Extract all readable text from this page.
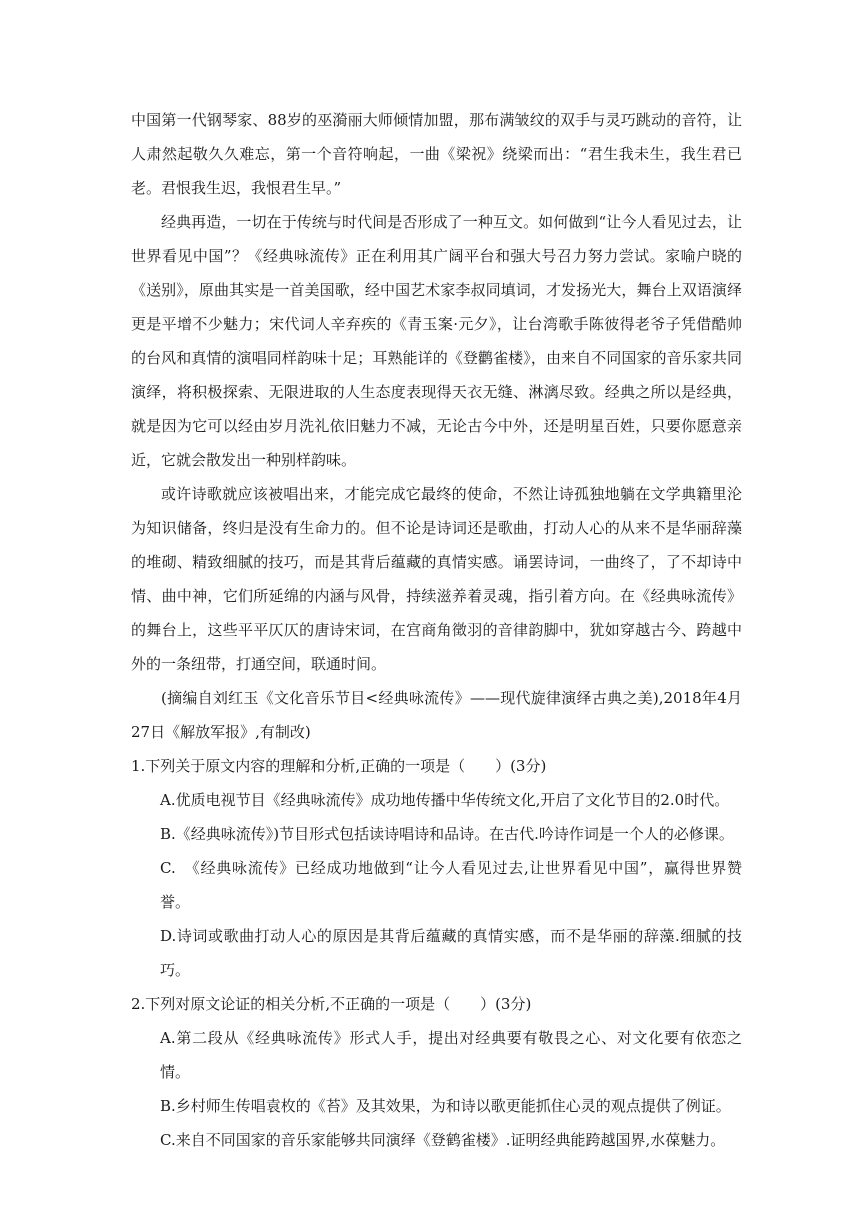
中国第一代钢琴家、88岁的巫漪丽大师倾情加盟，那布满皱纹的双手与灵巧跳动的音符，让人肃然起敬久久难忘，第一个音符响起，一曲《梁祝》绕梁而出：“君生我未生，我生君已老。君恨我生迟，我恨君生早。”

经典再造，一切在于传统与时代间是否形成了一种互文。如何做到“让今人看见过去，让世界看见中国”？《经典咏流传》正在利用其广阔平台和强大号召力努力尝试。家喻户晓的《送别》，原曲其实是一首美国歌，经中国艺术家李叔同填词，才发扬光大，舞台上双语演绎更是平增不少魅力；宋代词人辛弃疾的《青玉案·元夕》，让台湾歌手陈彼得老爷子凭借酷帅的台风和真情的演唱同样韵味十足；耳熟能详的《登鹳雀楼》，由来自不同国家的音乐家共同演绎，将积极探索、无限进取的人生态度表现得天衣无缝、淋漓尽致。经典之所以是经典，就是因为它可以经由岁月洗礼依旧魅力不减，无论古今中外，还是明星百姓，只要你愿意亲近，它就会散发出一种别样韵味。

或许诗歌就应该被唱出来，才能完成它最终的使命，不然让诗孤独地躺在文学典籍里沦为知识储备，终归是没有生命力的。但不论是诗词还是歌曲，打动人心的从来不是华丽辞藻的堆砌、精致细腻的技巧，而是其背后蕴藏的真情实感。诵罢诗词，一曲终了，了不却诗中情、曲中神，它们所延绵的内涵与风骨，持续滋养着灵魂，指引着方向。在《经典咏流传》的舞台上，这些平平仄仄的唐诗宋词，在宫商角徵羽的音律韵脚中，犹如穿越古今、跨越中外的一条纽带，打通空间，联通时间。

(摘编自刘红玉《文化音乐节目<经典咏流传》——现代旋律演绎古典之美),2018年4月27日《解放军报》,有制改)

1.下列关于原文内容的理解和分析,正确的一项是（　　）(3分)

A.优质电视节目《经典咏流传》成功地传播中华传统文化,开启了文化节目的2.0时代。

B.《经典咏流传》)节目形式包括读诗唱诗和品诗。在古代.吟诗作词是一个人的必修课。

C.　《经典咏流传》已经成功地做到“让今人看见过去,让世界看见中国”，赢得世界赞誉。

D.诗词或歌曲打动人心的原因是其背后蕴藏的真情实感，而不是华丽的辞藻.细腻的技巧。

2.下列对原文论证的相关分析,不正确的一项是（　　）(3分)

A.第二段从《经典咏流传》形式人手，提出对经典要有敬畏之心、对文化要有依恋之情。

B.乡村师生传唱袁枚的《苔》及其效果，为和诗以歌更能抓住心灵的观点提供了例证。

C.来自不同国家的音乐家能够共同演绎《登鹤雀楼》.证明经典能跨越国界,水葆魅力。
